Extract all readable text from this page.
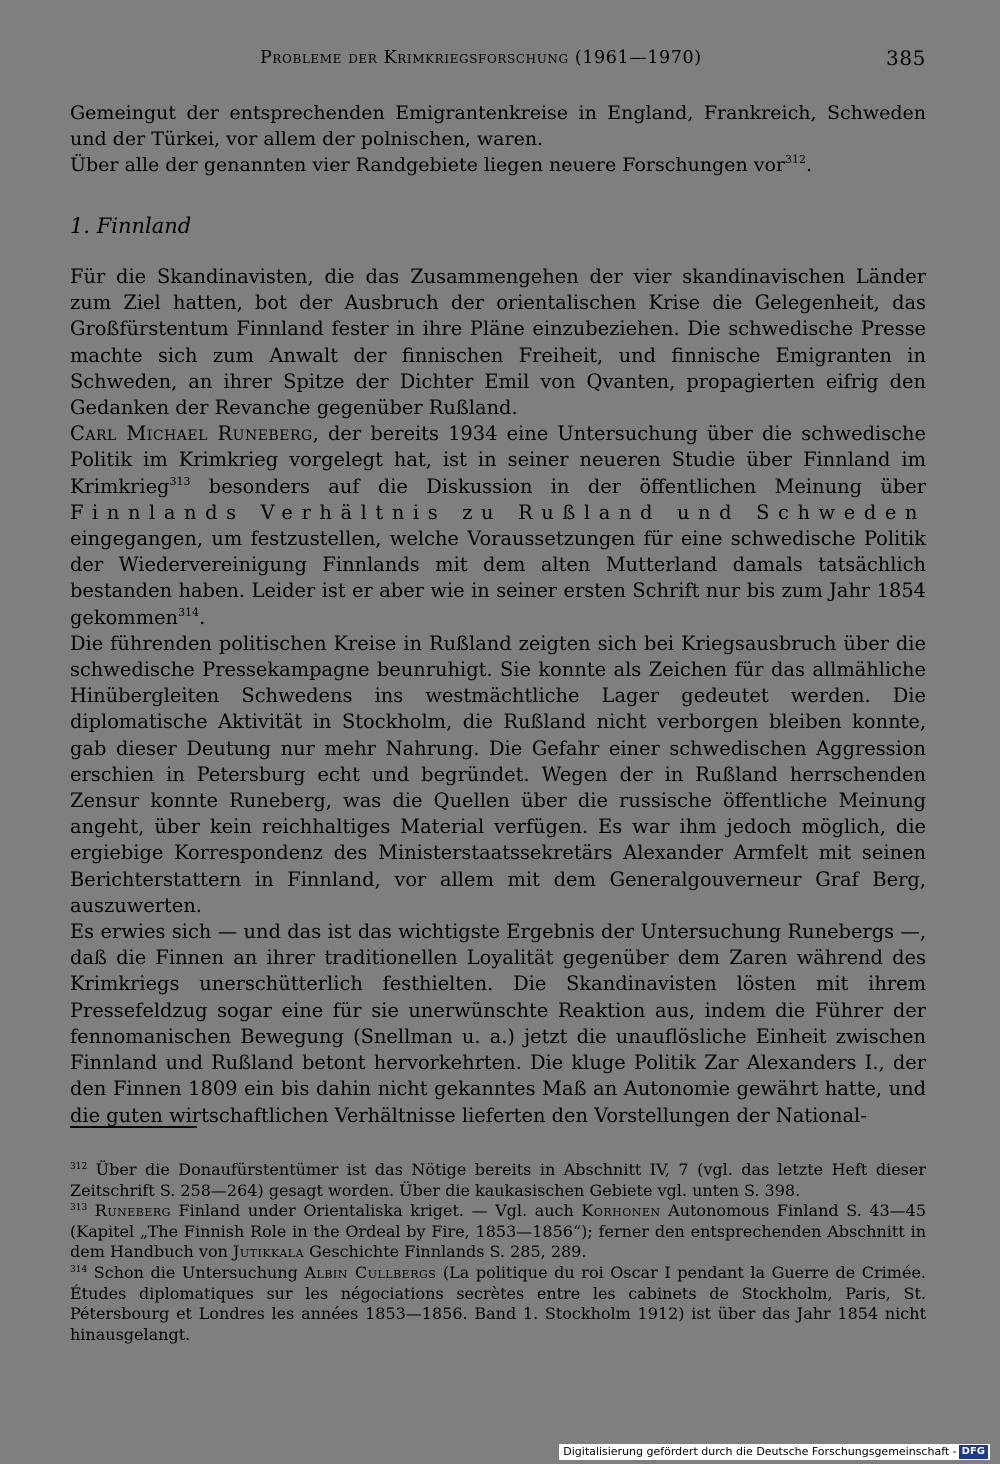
Probleme der Krimkriegsforschung (1961—1970)	385

Gemeingut der entsprechenden Emigrantenkreise in England, Frankreich, Schweden und der Türkei, vor allem der polnischen, waren.

Über alle der genannten vier Randgebiete liegen neuere Forschungen vor$^{312}$.

1. Finnland

Für die Skandinavisten, die das Zusammengehen der vier skandinavischen Länder zum Ziel hatten, bot der Ausbruch der orientalischen Krise die Gelegenheit, das Großfürstentum Finnland fester in ihre Pläne einzubeziehen. Die schwedische Presse machte sich zum Anwalt der finnischen Freiheit, und finnische Emigranten in Schweden, an ihrer Spitze der Dichter Emil von Qvanten, propagierten eifrig den Gedanken der Revanche gegenüber Rußland.

Carl Michael Runeberg, der bereits 1934 eine Untersuchung über die schwedische Politik im Krimkrieg vorgelegt hat, ist in seiner neueren Studie über Finnland im Krimkrieg$^{313}$ besonders auf die Diskussion in der öffentlichen Meinung über Finnlands Verhältnis zu Rußland und Schweden eingegangen, um festzustellen, welche Voraussetzungen für eine schwedische Politik der Wiedervereinigung Finnlands mit dem alten Mutterland damals tatsächlich bestanden haben. Leider ist er aber wie in seiner ersten Schrift nur bis zum Jahr 1854 gekommen$^{314}$.

Die führenden politischen Kreise in Rußland zeigten sich bei Kriegsausbruch über die schwedische Pressekampagne beunruhigt. Sie konnte als Zeichen für das allmähliche Hinübergleiten Schwedens ins westmächtliche Lager gedeutet werden. Die diplomatische Aktivität in Stockholm, die Rußland nicht verborgen bleiben konnte, gab dieser Deutung nur mehr Nahrung. Die Gefahr einer schwedischen Aggression erschien in Petersburg echt und begründet. Wegen der in Rußland herrschenden Zensur konnte Runeberg, was die Quellen über die russische öffentliche Meinung angeht, über kein reichhaltiges Material verfügen. Es war ihm jedoch möglich, die ergiebige Korrespondenz des Ministerstaatssekretärs Alexander Armfelt mit seinen Berichterstattern in Finnland, vor allem mit dem Generalgouverneur Graf Berg, auszuwerten.

Es erwies sich — und das ist das wichtigste Ergebnis der Untersuchung Runebergs —, daß die Finnen an ihrer traditionellen Loyalität gegenüber dem Zaren während des Krimkriegs unerschütterlich festhielten. Die Skandinavisten lösten mit ihrem Pressefeldzug sogar eine für sie unerwünschte Reaktion aus, indem die Führer der fennomanischen Bewegung (Snellman u. a.) jetzt die unauflösliche Einheit zwischen Finnland und Rußland betont hervorkehrten. Die kluge Politik Zar Alexanders I., der den Finnen 1809 ein bis dahin nicht gekanntes Maß an Autonomie gewährt hatte, und die guten wirtschaftlichen Verhältnisse lieferten den Vorstellungen der National-

$^{312}$ Über die Donaufürstentümer ist das Nötige bereits in Abschnitt IV, 7 (vgl. das letzte Heft dieser Zeitschrift S. 258—264) gesagt worden. Über die kaukasischen Gebiete vgl. unten S. 398.

$^{313}$ Runeberg Finland under Orientaliska kriget. — Vgl. auch Korhonen Autonomous Finland S. 43—45 (Kapitel „The Finnish Role in the Ordeal by Fire, 1853—1856“); ferner den entsprechenden Abschnitt in dem Handbuch von Jutikkala Geschichte Finnlands S. 285, 289.

$^{314}$ Schon die Untersuchung Albin Cullbergs (La politique du roi Oscar I pendant la Guerre de Crimée. Études diplomatiques sur les négociations secrètes entre les cabinets de Stockholm, Paris, St. Pétersbourg et Londres les années 1853—1856. Band 1. Stockholm 1912) ist über das Jahr 1854 nicht hinausgelangt.

Digitalisierung gefördert durch die Deutsche Forschungsgemeinschaft - DFG
